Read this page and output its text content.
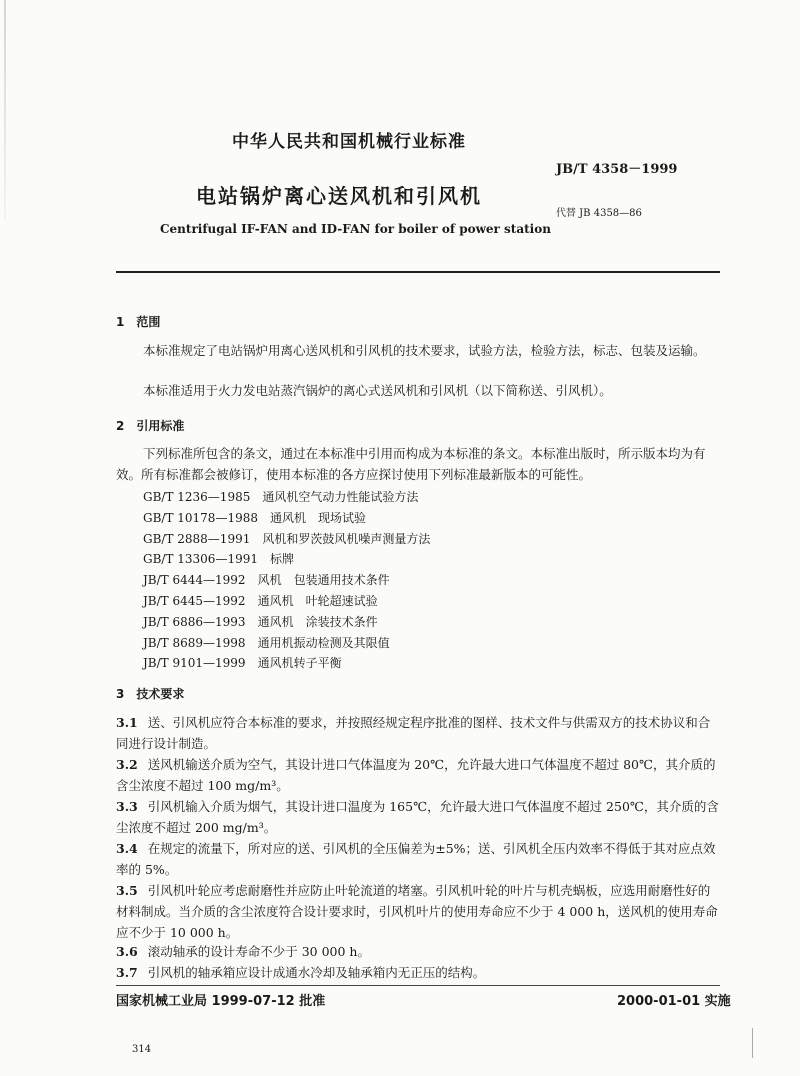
中华人民共和国机械行业标准
JB/T 4358－1999
电站锅炉离心送风机和引风机
代替 JB 4358—86
Centrifugal IF-FAN and ID-FAN for boiler of power station
1 范围
本标准规定了电站锅炉用离心送风机和引风机的技术要求，试验方法，检验方法，标志、包装及运输。
本标准适用于火力发电站蒸汽锅炉的离心式送风机和引风机（以下简称送、引风机）。
2 引用标准
下列标准所包含的条文，通过在本标准中引用而构成为本标准的条文。本标准出版时，所示版本均为有效。所有标准都会被修订，使用本标准的各方应探讨使用下列标准最新版本的可能性。
GB/T 1236—1985 通风机空气动力性能试验方法
GB/T 10178—1988 通风机　现场试验
GB/T 2888—1991 风机和罗茨鼓风机噪声测量方法
GB/T 13306—1991 标牌
JB/T 6444—1992 风机　包装通用技术条件
JB/T 6445—1992 通风机　叶轮超速试验
JB/T 6886—1993 通风机　涂装技术条件
JB/T 8689—1998 通用机振动检测及其限值
JB/T 9101—1999 通风机转子平衡
3 技术要求
3.1 送、引风机应符合本标准的要求，并按照经规定程序批准的图样、技术文件与供需双方的技术协议和合同进行设计制造。
3.2 送风机输送介质为空气，其设计进口气体温度为 20℃，允许最大进口气体温度不超过 80℃，其介质的含尘浓度不超过 100 mg/m³。
3.3 引风机输入介质为烟气，其设计进口温度为 165℃，允许最大进口气体温度不超过 250℃，其介质的含尘浓度不超过 200 mg/m³。
3.4 在规定的流量下，所对应的送、引风机的全压偏差为±5%；送、引风机全压内效率不得低于其对应点效率的 5%。
3.5 引风机叶轮应考虑耐磨性并应防止叶轮流道的堵塞。引风机叶轮的叶片与机壳蜗板，应选用耐磨性好的材料制成。当介质的含尘浓度符合设计要求时，引风机叶片的使用寿命应不少于 4 000 h，送风机的使用寿命应不少于 10 000 h。
3.6 滚动轴承的设计寿命不少于 30 000 h。
3.7 引风机的轴承箱应设计成通水冷却及轴承箱内无正压的结构。
国家机械工业局 1999-07-12 批准	2000-01-01 实施
314
